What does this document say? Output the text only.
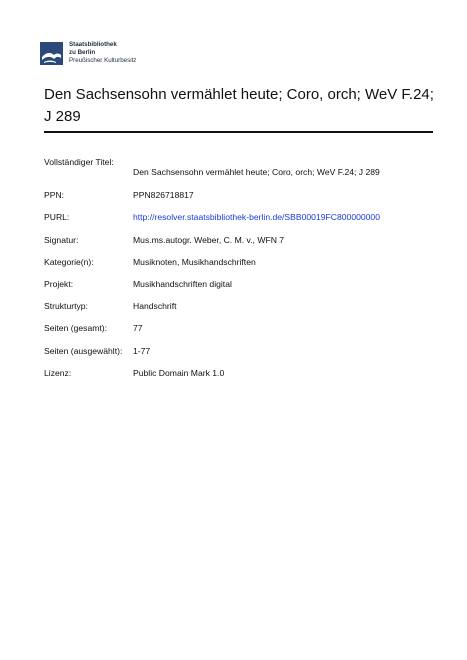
Staatsbibliothek
zu Berlin
Preußischer Kulturbesitz
Den Sachsensohn vermählet heute; Coro, orch; WeV F.24; J 289
Vollständiger Titel:
Den Sachsensohn vermählet heute; Coro, orch; WeV F.24; J 289
PPN:	PPN826718817
PURL:	http://resolver.staatsbibliothek-berlin.de/SBB00019FC800000000
Signatur:	Mus.ms.autogr. Weber, C. M. v., WFN 7
Kategorie(n):	Musiknoten, Musikhandschriften
Projekt:	Musikhandschriften digital
Strukturtyp:	Handschrift
Seiten (gesamt):	77
Seiten (ausgewählt):	1-77
Lizenz:	Public Domain Mark 1.0
